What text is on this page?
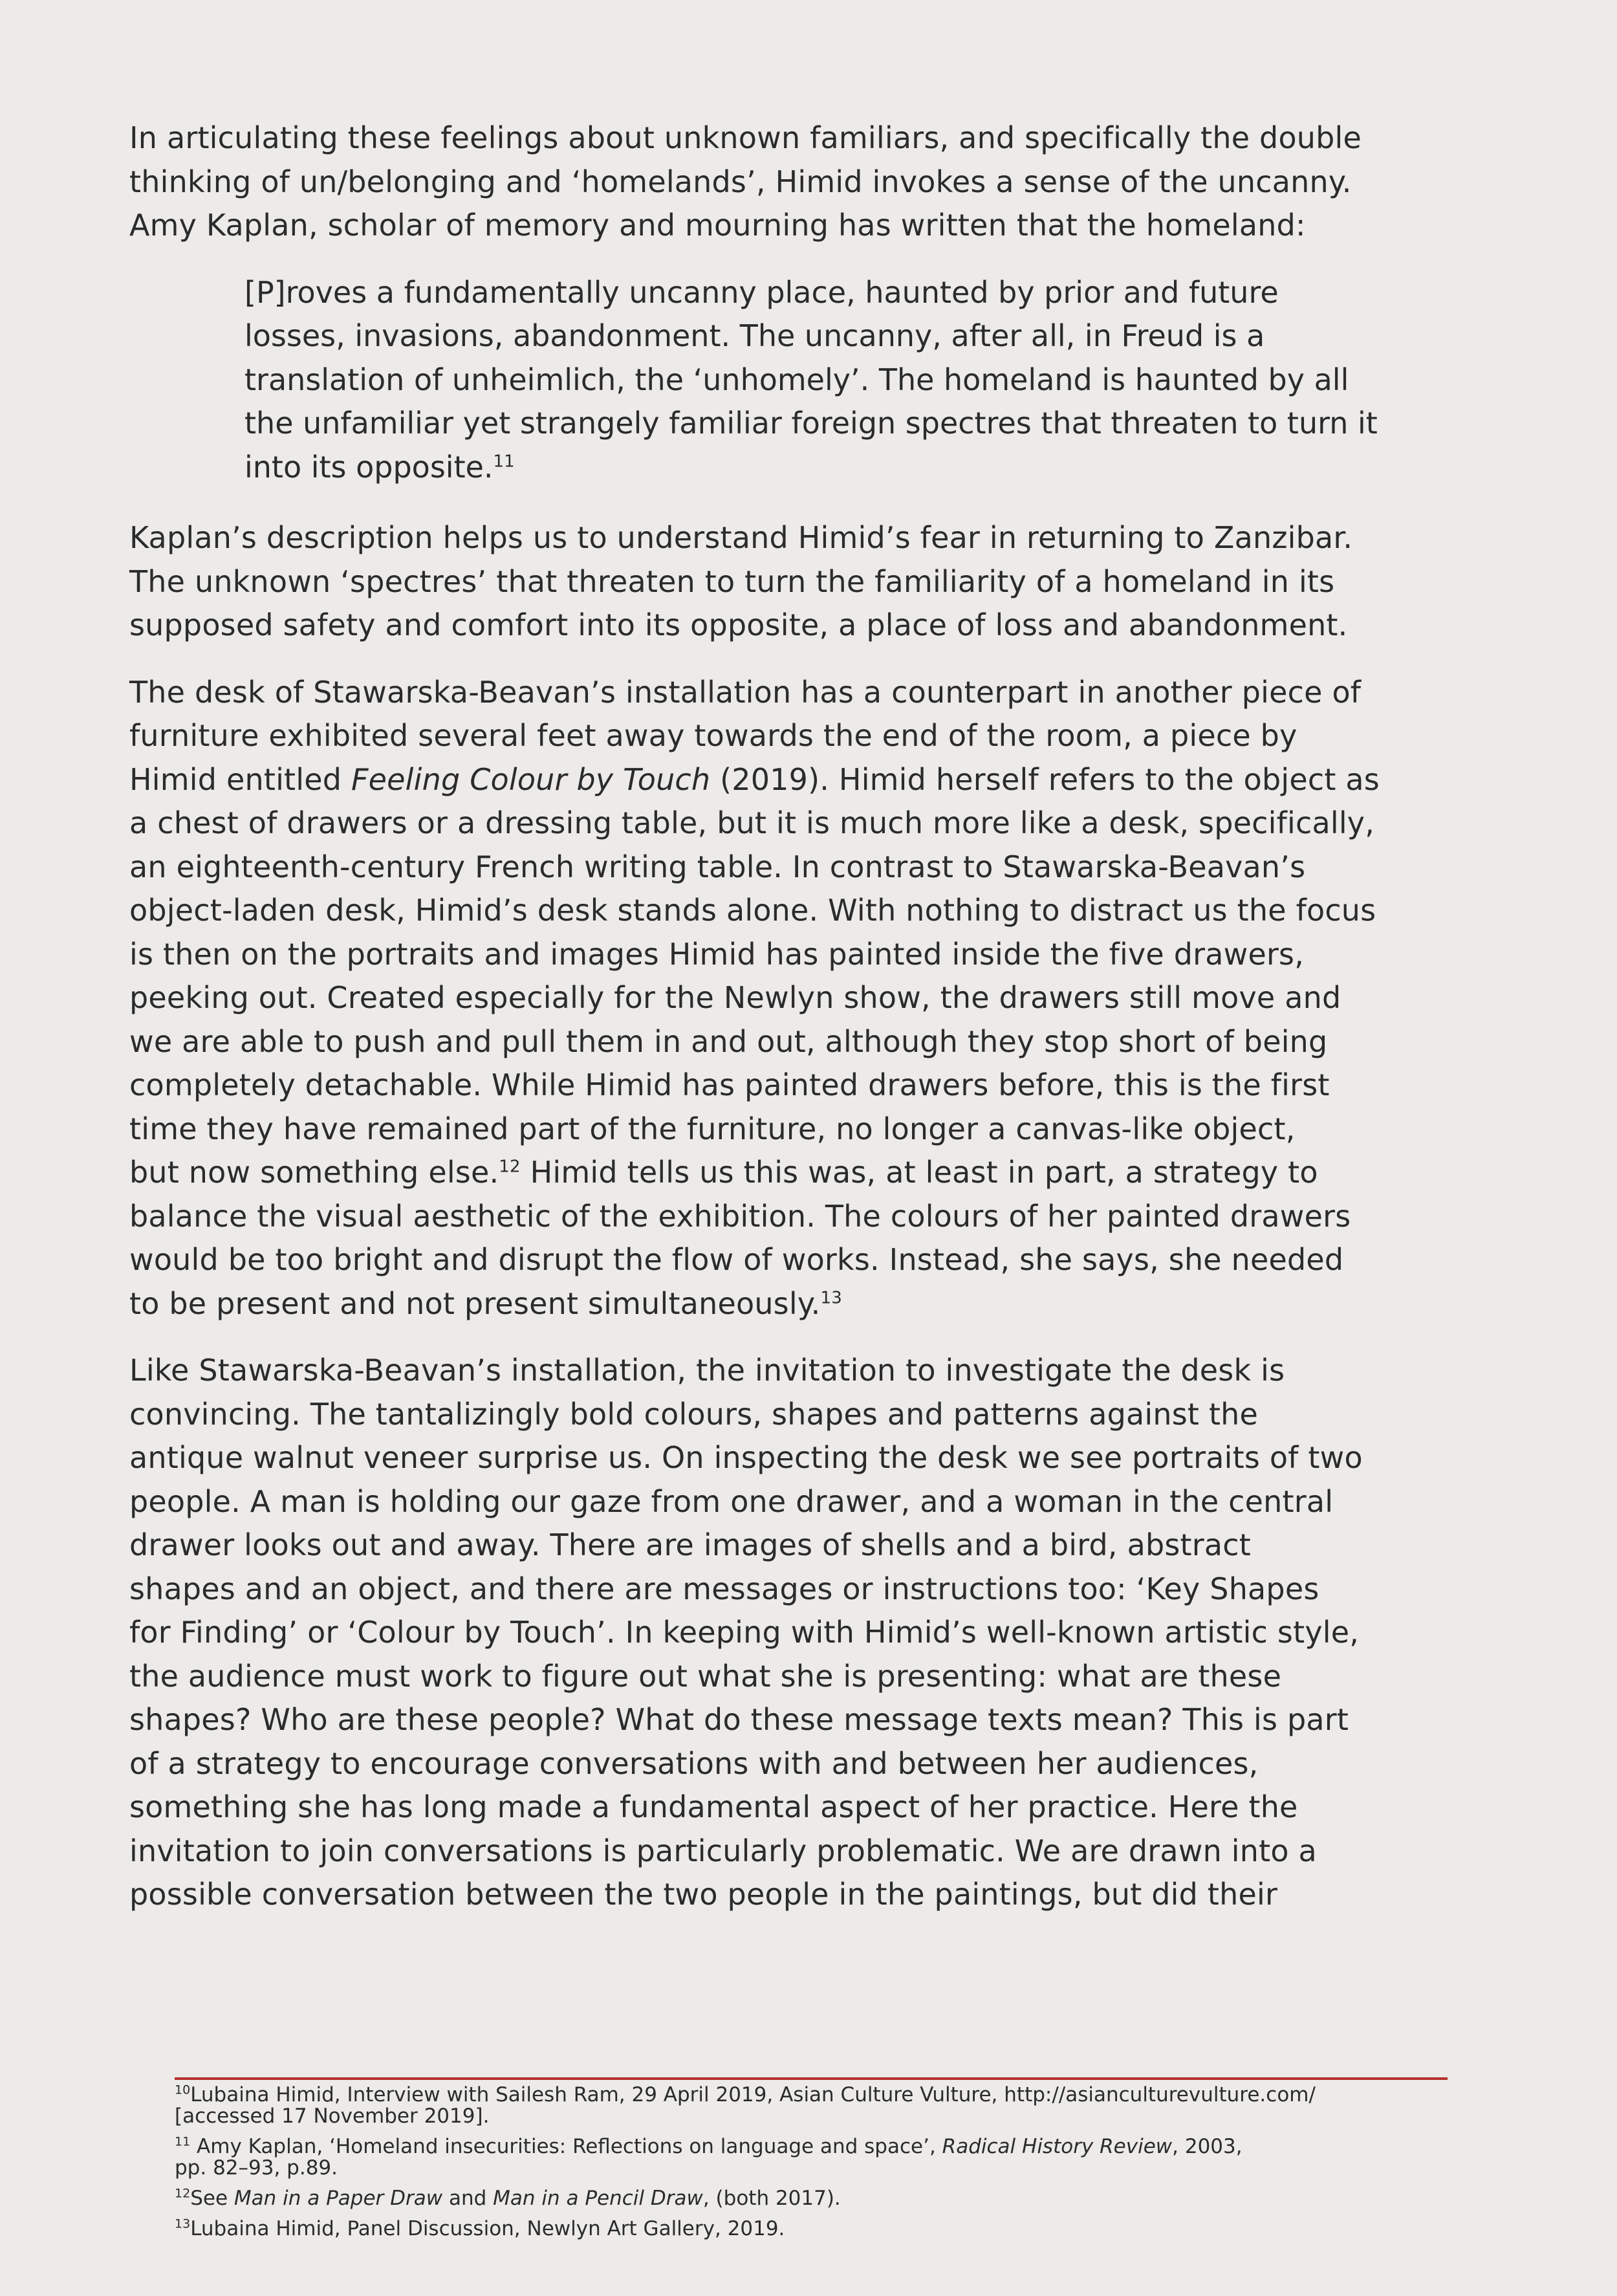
In articulating these feelings about unknown familiars, and specifically the double
thinking of un/belonging and ‘homelands’, Himid invokes a sense of the uncanny.
Amy Kaplan, scholar of memory and mourning has written that the homeland:

[P]roves a fundamentally uncanny place, haunted by prior and future
losses, invasions, abandonment. The uncanny, after all, in Freud is a
translation of unheimlich, the ‘unhomely’. The homeland is haunted by all
the unfamiliar yet strangely familiar foreign spectres that threaten to turn it
into its opposite.$^{11}$

Kaplan’s description helps us to understand Himid’s fear in returning to Zanzibar.
The unknown ‘spectres’ that threaten to turn the familiarity of a homeland in its
supposed safety and comfort into its opposite, a place of loss and abandonment.

The desk of Stawarska-Beavan’s installation has a counterpart in another piece of
furniture exhibited several feet away towards the end of the room, a piece by
Himid entitled Feeling Colour by Touch (2019). Himid herself refers to the object as
a chest of drawers or a dressing table, but it is much more like a desk, specifically,
an eighteenth-century French writing table. In contrast to Stawarska-Beavan’s
object-laden desk, Himid’s desk stands alone. With nothing to distract us the focus
is then on the portraits and images Himid has painted inside the five drawers,
peeking out. Created especially for the Newlyn show, the drawers still move and
we are able to push and pull them in and out, although they stop short of being
completely detachable. While Himid has painted drawers before, this is the first
time they have remained part of the furniture, no longer a canvas-like object,
but now something else.$^{12}$ Himid tells us this was, at least in part, a strategy to
balance the visual aesthetic of the exhibition. The colours of her painted drawers
would be too bright and disrupt the flow of works. Instead, she says, she needed
to be present and not present simultaneously.$^{13}$

Like Stawarska-Beavan’s installation, the invitation to investigate the desk is
convincing. The tantalizingly bold colours, shapes and patterns against the
antique walnut veneer surprise us. On inspecting the desk we see portraits of two
people. A man is holding our gaze from one drawer, and a woman in the central
drawer looks out and away. There are images of shells and a bird, abstract
shapes and an object, and there are messages or instructions too: ‘Key Shapes
for Finding’ or ‘Colour by Touch’. In keeping with Himid’s well-known artistic style,
the audience must work to figure out what she is presenting: what are these
shapes? Who are these people? What do these message texts mean? This is part
of a strategy to encourage conversations with and between her audiences,
something she has long made a fundamental aspect of her practice. Here the
invitation to join conversations is particularly problematic. We are drawn into a
possible conversation between the two people in the paintings, but did their

$^{10}$Lubaina Himid, Interview with Sailesh Ram, 29 April 2019, Asian Culture Vulture, http://asianculturevulture.com/
[accessed 17 November 2019].
$^{11}$ Amy Kaplan, ‘Homeland insecurities: Reflections on language and space’, Radical History Review, 2003,
pp. 82–93, p.89.
$^{12}$See Man in a Paper Draw and Man in a Pencil Draw, (both 2017).
$^{13}$Lubaina Himid, Panel Discussion, Newlyn Art Gallery, 2019.
